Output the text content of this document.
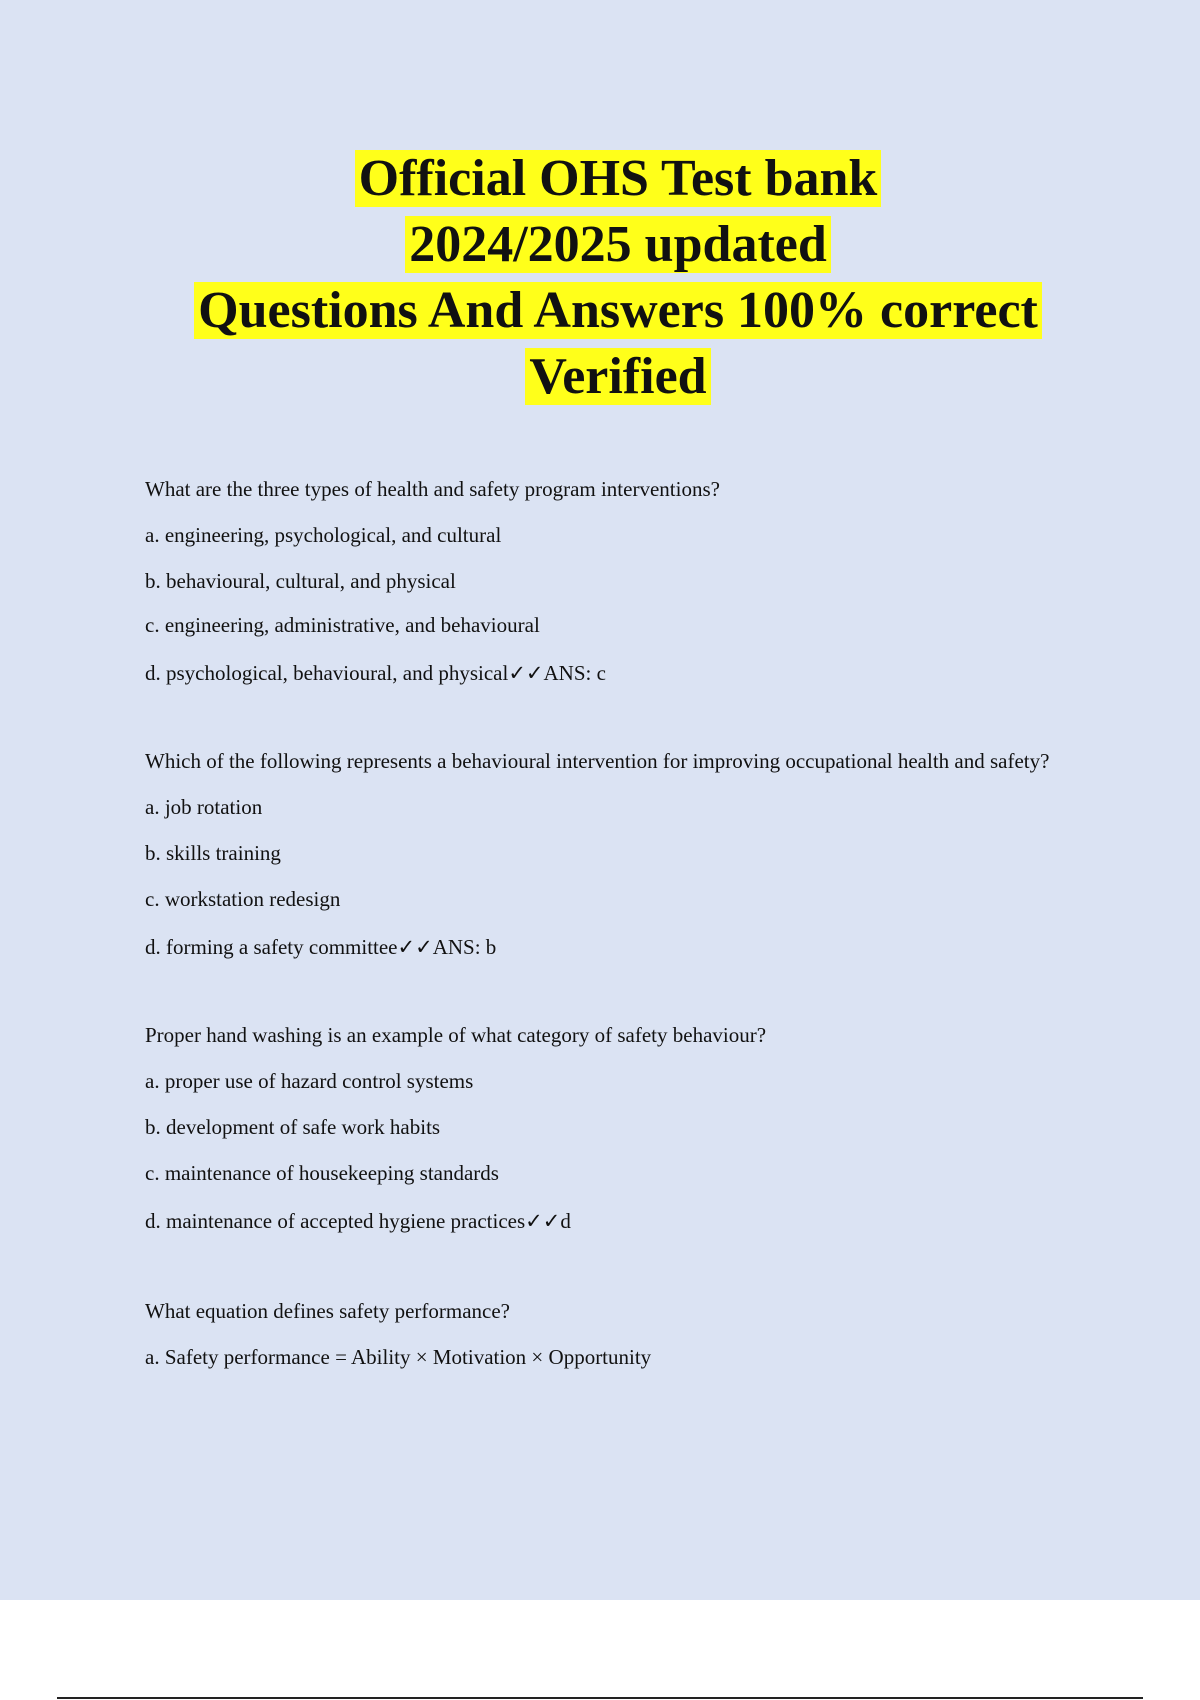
Official OHS Test bank
2024/2025 updated
Questions And Answers 100% correct
Verified

What are the three types of health and safety program interventions?

a. engineering, psychological, and cultural

b. behavioural, cultural, and physical

c. engineering, administrative, and behavioural

d. psychological, behavioural, and physical✓✓ANS: c

Which of the following represents a behavioural intervention for improving occupational health and safety?

a. job rotation

b. skills training

c. workstation redesign

d. forming a safety committee✓✓ANS: b

Proper hand washing is an example of what category of safety behaviour?

a. proper use of hazard control systems

b. development of safe work habits

c. maintenance of housekeeping standards

d. maintenance of accepted hygiene practices✓✓d

What equation defines safety performance?

a. Safety performance = Ability × Motivation × Opportunity
